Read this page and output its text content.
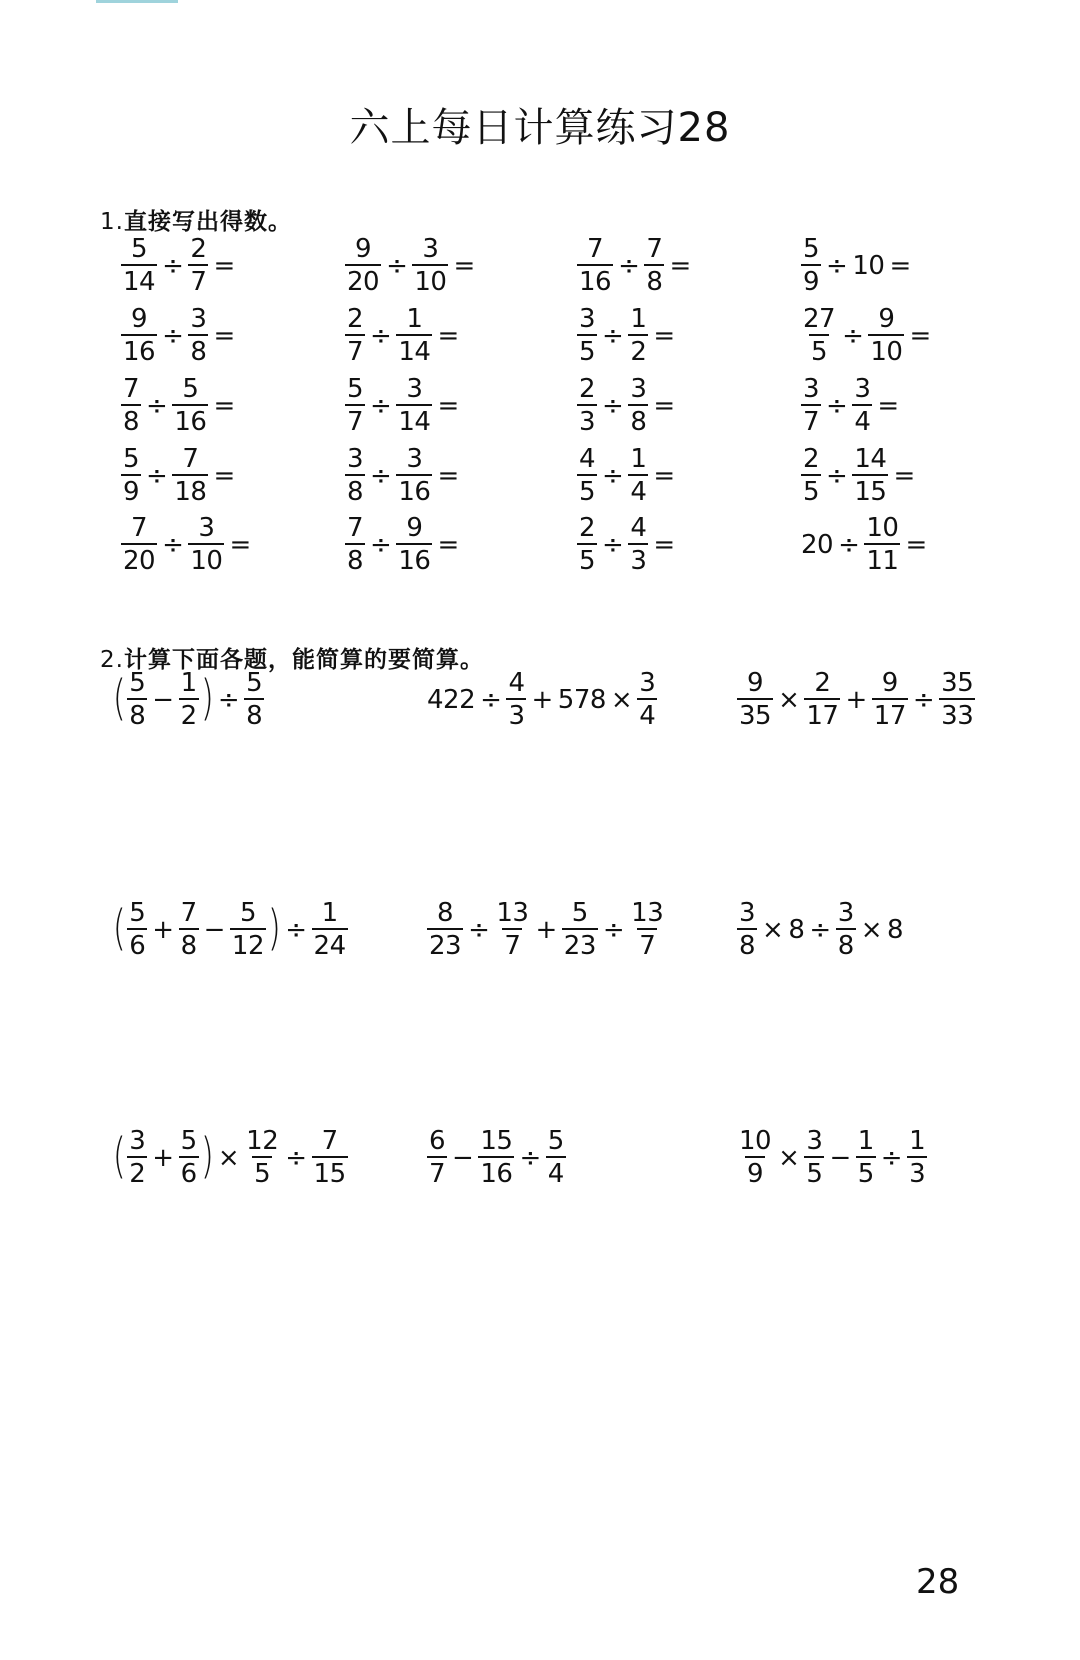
六上每日计算练习28
1.直接写出得数。
$\frac{5}{14} \div \frac{2}{7}$ =	$\frac{9}{20} \div \frac{3}{10}$ =	$\frac{7}{16} \div \frac{7}{8}$ =	$\frac{5}{9} \div 10$ =
$\frac{9}{16} \div \frac{3}{8}$ =	$\frac{2}{7} \div \frac{1}{14}$ =	$\frac{3}{5} \div \frac{1}{2}$ =	$\frac{27}{5} \div \frac{9}{10}$ =
$\frac{7}{8} \div \frac{5}{16}$ =	$\frac{5}{7} \div \frac{3}{14}$ =	$\frac{2}{3} \div \frac{3}{8}$ =	$\frac{3}{7} \div \frac{3}{4}$ =
$\frac{5}{9} \div \frac{7}{18}$ =	$\frac{3}{8} \div \frac{3}{16}$ =	$\frac{4}{5} \div \frac{1}{4}$ =	$\frac{2}{5} \div \frac{14}{15}$ =
$\frac{7}{20} \div \frac{3}{10}$ =	$\frac{7}{8} \div \frac{9}{16}$ =	$\frac{2}{5} \div \frac{4}{3}$ =	$20 \div \frac{10}{11}$ =
2.计算下面各题，能简算的要简算。
( $\frac{5}{8} - \frac{1}{2}$ ) ÷ $\frac{5}{8}$	$422 \div \frac{4}{3} + 578 \times \frac{3}{4}$	$\frac{9}{35} \times \frac{2}{17} + \frac{9}{17} \div \frac{35}{33}$
( $\frac{5}{6} + \frac{7}{8} - \frac{5}{12}$ ) ÷ $\frac{1}{24}$	$\frac{8}{23} \div \frac{13}{7} + \frac{5}{23} \div \frac{13}{7}$	$\frac{3}{8} \times 8 \div \frac{3}{8} \times 8$
( $\frac{3}{2} + \frac{5}{6}$ ) × $\frac{12}{5} \div \frac{7}{15}$	$\frac{6}{7} - \frac{15}{16} \div \frac{5}{4}$	$\frac{10}{9} \times \frac{3}{5} - \frac{1}{5} \div \frac{1}{3}$
28
